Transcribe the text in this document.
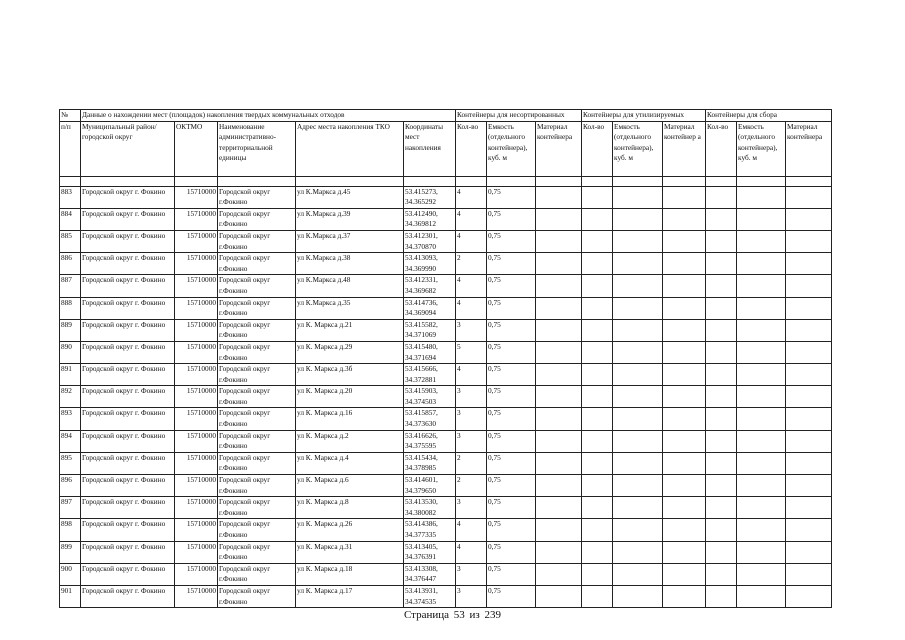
№	Данные о нахождении мест (площадок) накопления твердых коммунальных отходов					Контейнеры для несортированных			Контейнеры для утилизируемых			Контейнеры для сбора		
п/п	Муниципальный район/городской округ	ОКТМО	Наименование административно-территориальной единицы	Адрес места накопления ТКО	Координаты мест накопления	Кол-во	Емкость (отдельного контейнера), куб. м	Материал контейнера	Кол-во	Емкость (отдельного контейнера), куб. м	Материал контейнер а	Кол-во	Емкость (отдельного контейнера), куб. м	Материал контейнера

883	Городской округ г. Фокино	15710000	Городской округ г.Фокино	ул К.Маркса д.45	53.415273, 34.365292	4	0,75							
884	Городской округ г. Фокино	15710000	Городской округ г.Фокино	ул К.Маркса д.39	53.412490, 34.369812	4	0,75							
885	Городской округ г. Фокино	15710000	Городской округ г.Фокино	ул К.Маркса д.37	53.412301, 34.370870	4	0,75							
886	Городской округ г. Фокино	15710000	Городской округ г.Фокино	ул К.Маркса д.38	53.413093, 34.369990	2	0,75							
887	Городской округ г. Фокино	15710000	Городской округ г.Фокино	ул К.Маркса д.48	53.412331, 34.369682	4	0,75							
888	Городской округ г. Фокино	15710000	Городской округ г.Фокино	ул К.Маркса д.35	53.414736, 34.369094	4	0,75							
889	Городской округ г. Фокино	15710000	Городской округ г.Фокино	ул К. Маркса д.21	53.415582, 34.371069	3	0,75							
890	Городской округ г. Фокино	15710000	Городской округ г.Фокино	ул К. Маркса д.29	53.415480, 34.371694	5	0,75							
891	Городской округ г. Фокино	15710000	Городской округ г.Фокино	ул К. Маркса д.3б	53.415666, 34.372881	4	0,75							
892	Городской округ г. Фокино	15710000	Городской округ г.Фокино	ул К. Маркса д.20	53.415903, 34.374503	3	0,75							
893	Городской округ г. Фокино	15710000	Городской округ г.Фокино	ул К. Маркса д.16	53.415857, 34.373630	3	0,75							
894	Городской округ г. Фокино	15710000	Городской округ г.Фокино	ул К. Маркса д.2	53.416626, 34.375595	3	0,75							
895	Городской округ г. Фокино	15710000	Городской округ г.Фокино	ул К. Маркса д.4	53.415434, 34.378985	2	0,75							
896	Городской округ г. Фокино	15710000	Городской округ г.Фокино	ул К. Маркса д.6	53.414601, 34.379650	2	0,75							
897	Городской округ г. Фокино	15710000	Городской округ г.Фокино	ул К. Маркса д.8	53.413530, 34.380082	3	0,75							
898	Городской округ г. Фокино	15710000	Городской округ г.Фокино	ул К. Маркса д.26	53.414386, 34.377335	4	0,75							
899	Городской округ г. Фокино	15710000	Городской округ г.Фокино	ул К. Маркса д.31	53.413405, 34.376391	4	0,75							
900	Городской округ г. Фокино	15710000	Городской округ г.Фокино	ул К. Маркса д.18	53.413308, 34.376447	3	0,75							
901	Городской округ г. Фокино	15710000	Городской округ г.Фокино	ул К. Маркса д.17	53.413931, 34.374535	3	0,75							
Страница 53 из 239
